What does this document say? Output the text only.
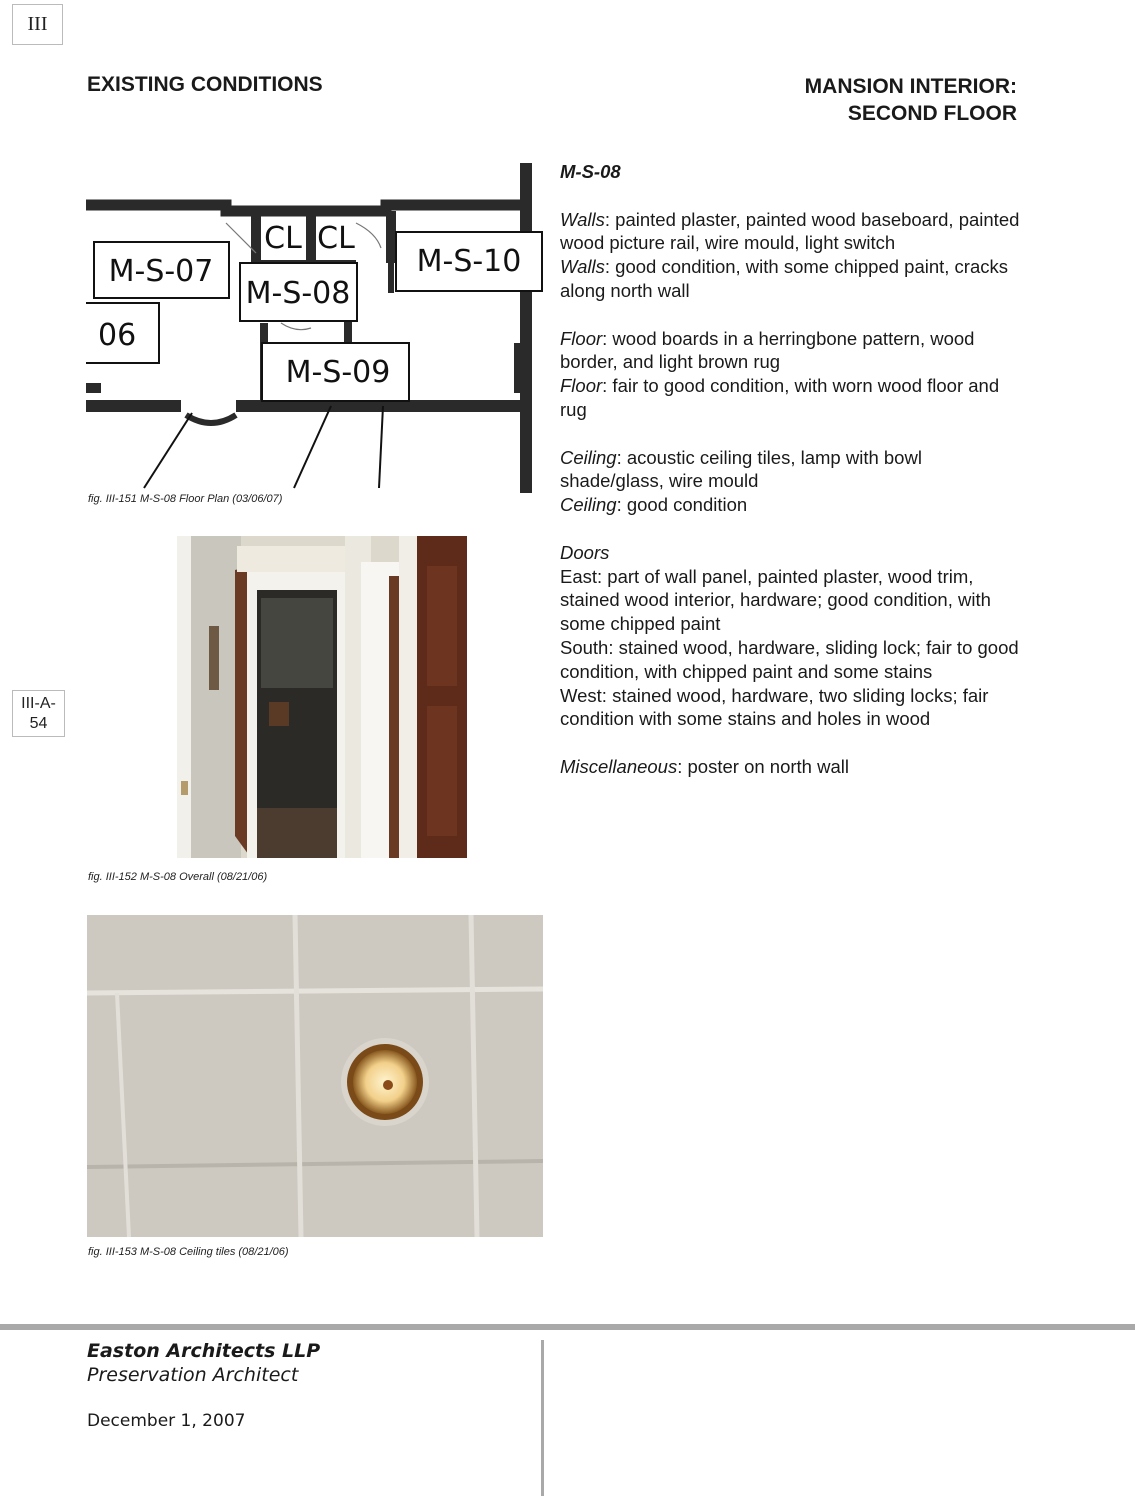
III
III-A-
54
EXISTING CONDITIONS	MANSION INTERIOR:
SECOND FLOOR
M-S-07
M-S-08
M-S-09
M-S-10
06
CL CL
fig. III-151 M-S-08 Floor Plan (03/06/07)
fig. III-152 M-S-08 Overall (08/21/06)
fig. III-153 M-S-08 Ceiling tiles (08/21/06)

M-S-08

Walls: painted plaster, painted wood baseboard, painted wood picture rail, wire mould, light switch

Walls: good condition, with some chipped paint, cracks along north wall

Floor: wood boards in a herringbone pattern, wood border, and light brown rug

Floor: fair to good condition, with worn wood floor and rug

Ceiling: acoustic ceiling tiles, lamp with bowl shade/glass, wire mould

Ceiling: good condition

Doors

East: part of wall panel, painted plaster, wood trim, stained wood interior, hardware; good condition, with some chipped paint

South: stained wood, hardware, sliding lock; fair to good condition, with chipped paint and some stains

West: stained wood, hardware, two sliding locks; fair condition with some stains and holes in wood

Miscellaneous: poster on north wall

Easton Architects LLP
Preservation Architect
December 1, 2007
